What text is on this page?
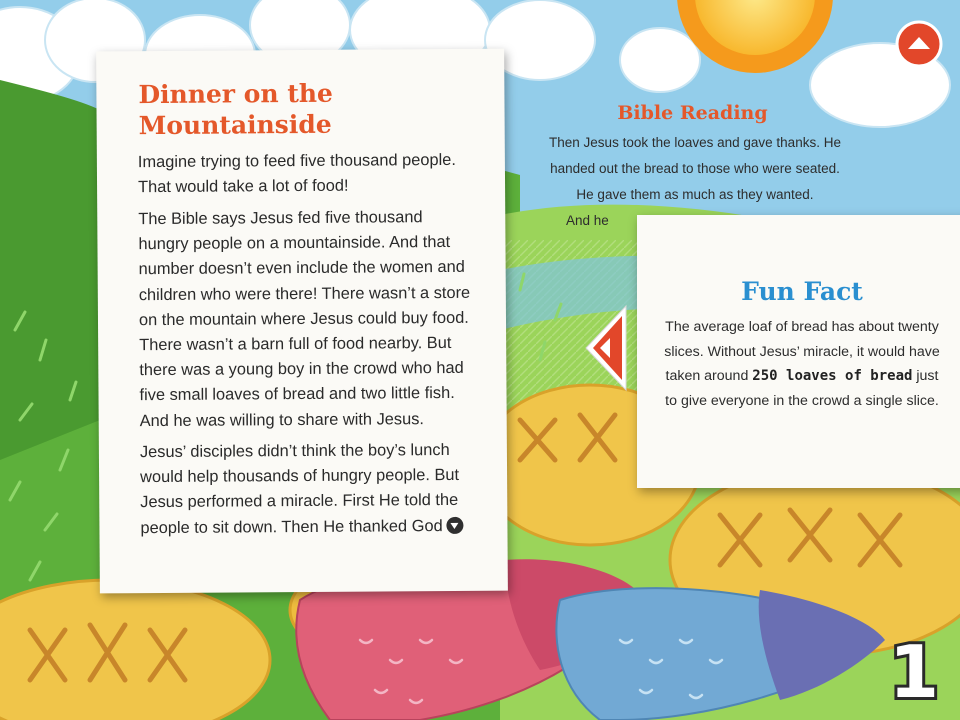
Dinner on the Mountainside

Imagine trying to feed five thousand people. That would take a lot of food!

The Bible says Jesus fed five thousand hungry people on a mountainside. And that number doesn’t even include the women and children who were there! There wasn’t a store on the mountain where Jesus could buy food. There wasn’t a barn full of food nearby. But there was a young boy in the crowd who had five small loaves of bread and two little fish. And he was willing to share with Jesus.

Jesus’ disciples didn’t think the boy’s lunch would help thousands of hungry people. But Jesus performed a miracle. First He told the people to sit down. Then He thanked God

Bible Reading
Then Jesus took the loaves and gave thanks. He
handed out the bread to those who were seated.
He gave them as much as they wanted.
And he
Fun Fact

The average loaf of bread has about twenty slices. Without Jesus’ miracle, it would have taken around 250 loaves of bread just to give everyone in the crowd a single slice.

1
